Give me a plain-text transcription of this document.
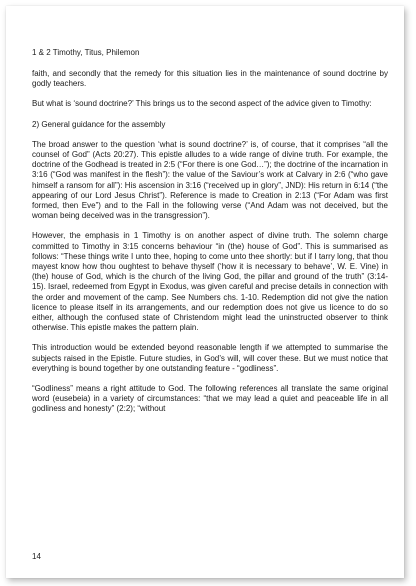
1 & 2 Timothy, Titus, Philemon

faith, and secondly that the remedy for this situation lies in the maintenance of sound doctrine by godly teachers.

But what is ‘sound doctrine?’ This brings us to the second aspect of the advice given to Timothy:

2) General guidance for the assembly

The broad answer to the question ‘what is sound doctrine?’ is, of course, that it comprises “all the counsel of God” (Acts 20:27). This epistle alludes to a wide range of divine truth. For example, the doctrine of the Godhead is treated in 2:5 (“For there is one God…”); the doctrine of the incarnation in 3:16 (“God was manifest in the flesh”): the value of the Saviour’s work at Calvary in 2:6 (“who gave himself a ransom for all”): His ascension in 3:16 (“received up in glory”, JND): His return in 6:14 (“the appearing of our Lord Jesus Christ”). Reference is made to Creation in 2:13 (“For Adam was first formed, then Eve”) and to the Fall in the following verse (“And Adam was not deceived, but the woman being deceived was in the transgression”).

However, the emphasis in 1 Timothy is on another aspect of divine truth. The solemn charge committed to Timothy in 3:15 concerns behaviour “in (the) house of God”. This is summarised as follows: “These things write I unto thee, hoping to come unto thee shortly: but if I tarry long, that thou mayest know how thou oughtest to behave thyself (‘how it is necessary to behave’, W. E. Vine) in (the) house of God, which is the church of the living God, the pillar and ground of the truth” (3:14-15). Israel, redeemed from Egypt in Exodus, was given careful and precise details in connection with the order and movement of the camp. See Numbers chs. 1-10. Redemption did not give the nation licence to please itself in its arrangements, and our redemption does not give us licence to do so either, although the confused state of Christendom might lead the uninstructed observer to think otherwise. This epistle makes the pattern plain.

This introduction would be extended beyond reasonable length if we attempted to summarise the subjects raised in the Epistle. Future studies, in God’s will, will cover these. But we must notice that everything is bound together by one outstanding feature - “godliness”.

“Godliness” means a right attitude to God. The following references all translate the same original word (eusebeia) in a variety of circumstances: “that we may lead a quiet and peaceable life in all godliness and honesty” (2:2); “without

14
